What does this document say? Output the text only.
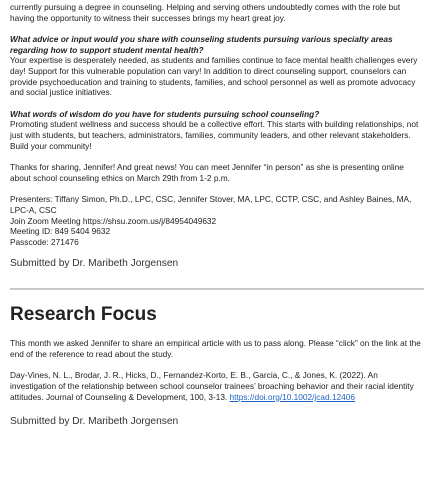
currently pursuing a degree in counseling. Helping and serving others undoubtedly comes with the role but having the opportunity to witness their successes brings my heart great joy.

What advice or input would you share with counseling students pursuing various specialty areas regarding how to support student mental health?

Your expertise is desperately needed, as students and families continue to face mental health challenges every day! Support for this vulnerable population can vary! In addition to direct counseling support, counselors can provide psychoeducation and training to students, families, and school personnel as well as promote advocacy and social justice initiatives.

What words of wisdom do you have for students pursuing school counseling?

Promoting student wellness and success should be a collective effort. This starts with building relationships, not just with students, but teachers, administrators, families, community leaders, and other relevant stakeholders. Build your community!

Thanks for sharing, Jennifer! And great news! You can meet Jennifer “in person” as she is presenting online about school counseling ethics on March 29th from 1-2 p.m.

Presenters: Tiffany Simon, Ph.D., LPC, CSC, Jennifer Stover, MA, LPC, CCTP, CSC, and Ashley Baines, MA, LPC-A, CSC

Join Zoom Meeting https://shsu.zoom.us/j/84954049632

Meeting ID: 849 5404 9632

Passcode: 271476

Submitted by Dr. Maribeth Jorgensen

Research Focus

This month we asked Jennifer to share an empirical article with us to pass along. Please “click” on the link at the end of the reference to read about the study.

Day-Vines, N. L., Brodar, J. R., Hicks, D., Fernandez-Korto, E. B., Garcia, C., & Jones, K. (2022). An investigation of the relationship between school counselor trainees’ broaching behavior and their racial identity attitudes. Journal of Counseling & Development, 100, 3-13. https://doi.org/10.1002/jcad.12406

Submitted by Dr. Maribeth Jorgensen
